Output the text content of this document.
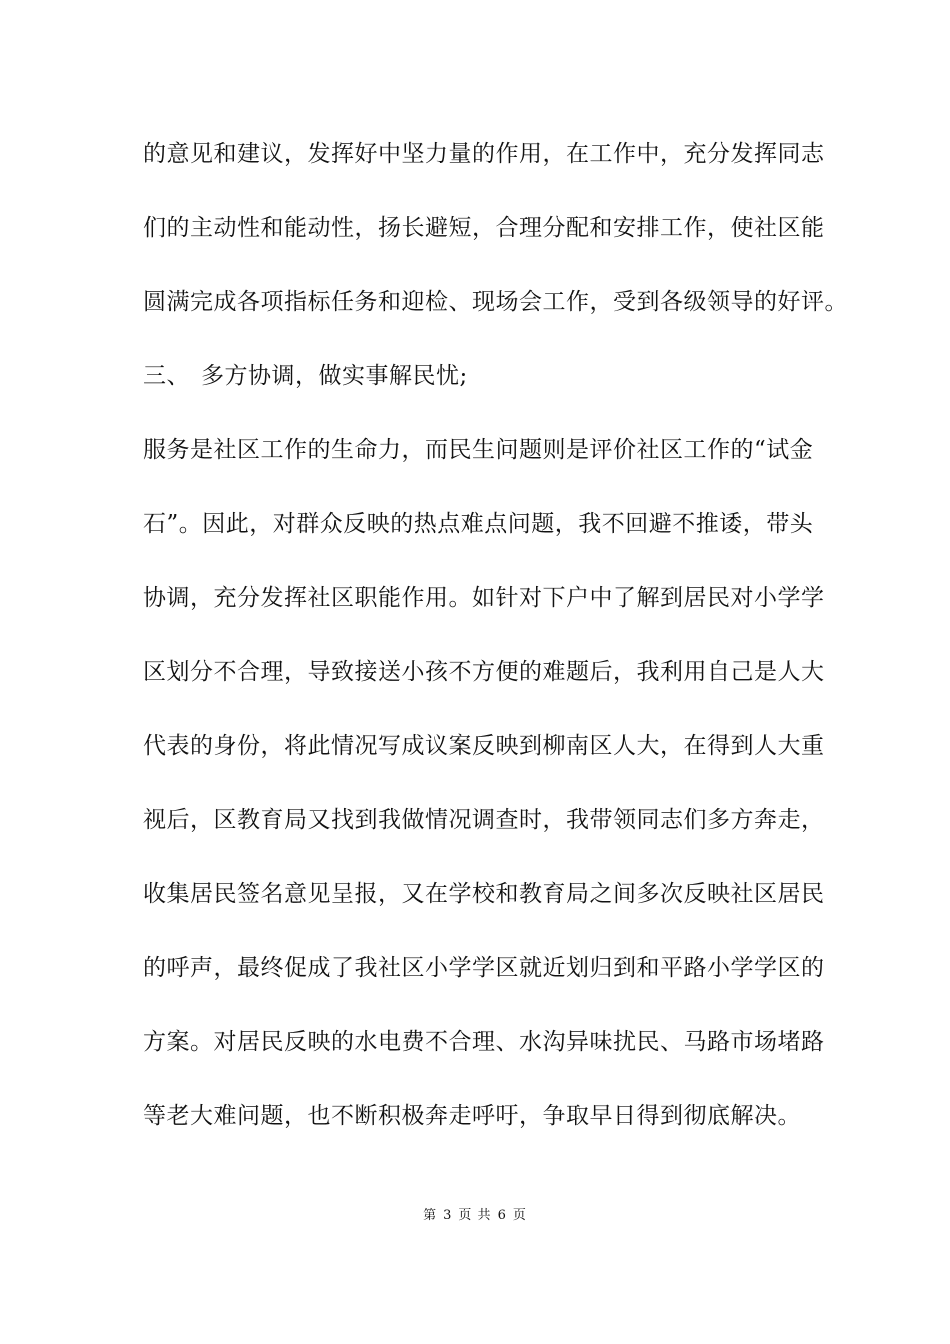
的意见和建议，发挥好中坚力量的作用，在工作中，充分发挥同志
们的主动性和能动性，扬长避短，合理分配和安排工作，使社区能
圆满完成各项指标任务和迎检、现场会工作，受到各级领导的好评。
三、 多方协调，做实事解民忧;
服务是社区工作的生命力，而民生问题则是评价社区工作的“试金
石”。因此，对群众反映的热点难点问题，我不回避不推诿，带头
协调，充分发挥社区职能作用。如针对下户中了解到居民对小学学
区划分不合理，导致接送小孩不方便的难题后，我利用自己是人大
代表的身份，将此情况写成议案反映到柳南区人大，在得到人大重
视后，区教育局又找到我做情况调查时，我带领同志们多方奔走，
收集居民签名意见呈报，又在学校和教育局之间多次反映社区居民
的呼声，最终促成了我社区小学学区就近划归到和平路小学学区的
方案。对居民反映的水电费不合理、水沟异味扰民、马路市场堵路
等老大难问题，也不断积极奔走呼吁，争取早日得到彻底解决。
第 3 页 共 6 页
